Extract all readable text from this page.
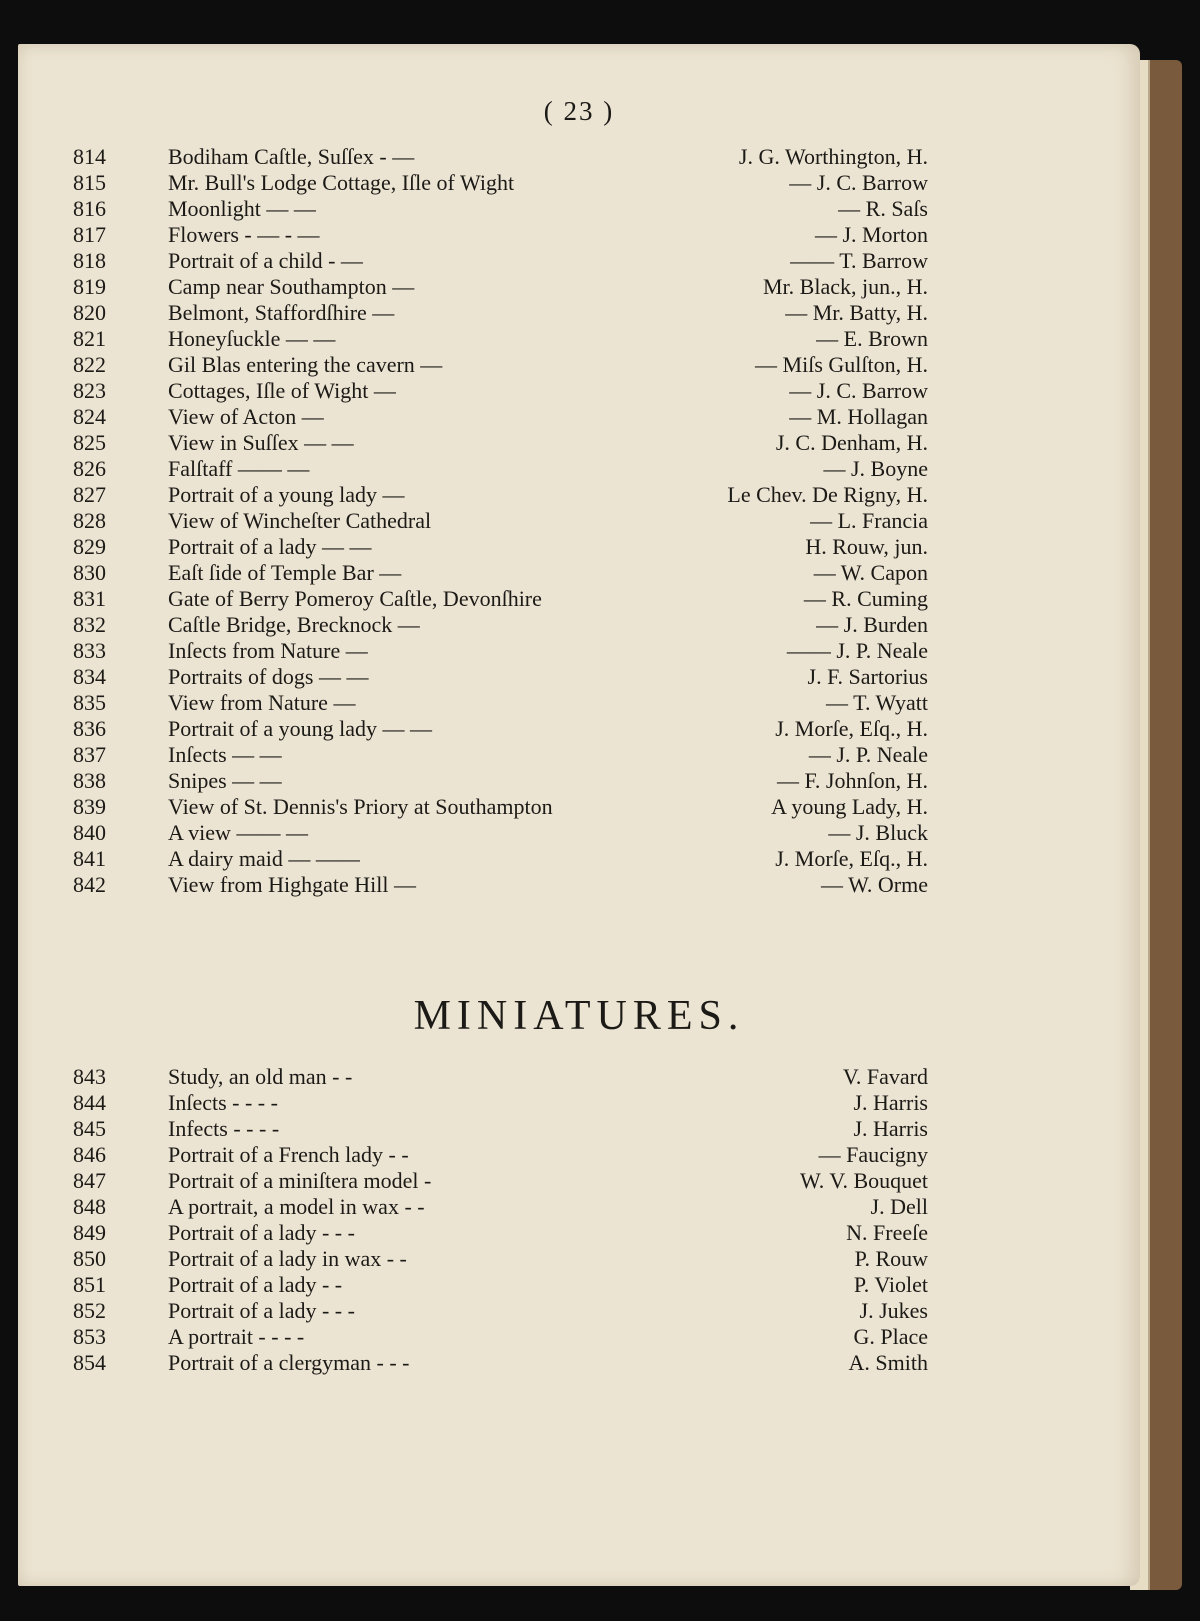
( 23 )
814	Bodiham Caſtle, Suſſex - —	J. G. Worthington, H.
815	Mr. Bull's Lodge Cottage, Iſle of Wight	— J. C. Barrow
816	Moonlight — —	— R. Saſs
817	Flowers - — - —	— J. Morton
818	Portrait of a child - —	—— T. Barrow
819	Camp near Southampton —	Mr. Black, jun., H.
820	Belmont, Staffordſhire —	— Mr. Batty, H.
821	Honeyſuckle — —	— E. Brown
822	Gil Blas entering the cavern —	— Miſs Gulſton, H.
823	Cottages, Iſle of Wight —	— J. C. Barrow
824	View of Acton —	— M. Hollagan
825	View in Suſſex — —	J. C. Denham, H.
826	Falſtaff —— —	— J. Boyne
827	Portrait of a young lady —	Le Chev. De Rigny, H.
828	View of Wincheſter Cathedral	— L. Francia
829	Portrait of a lady — —	H. Rouw, jun.
830	Eaſt ſide of Temple Bar —	— W. Capon
831	Gate of Berry Pomeroy Caſtle, Devonſhire	— R. Cuming
832	Caſtle Bridge, Brecknock —	— J. Burden
833	Inſects from Nature —	—— J. P. Neale
834	Portraits of dogs — —	J. F. Sartorius
835	View from Nature —	— T. Wyatt
836	Portrait of a young lady — —	J. Morſe, Eſq., H.
837	Inſects — —	— J. P. Neale
838	Snipes — —	— F. Johnſon, H.
839	View of St. Dennis's Priory at Southampton	A young Lady, H.
840	A view —— —	— J. Bluck
841	A dairy maid — ——	J. Morſe, Eſq., H.
842	View from Highgate Hill —	— W. Orme
MINIATURES.
843	Study, an old man - -	V. Favard
844	Inſects - - - -	J. Harris
845	Infects - - - -	J. Harris
846	Portrait of a French lady - -	— Faucigny
847	Portrait of a miniſtera model -	W. V. Bouquet
848	A portrait, a model in wax - -	J. Dell
849	Portrait of a lady - - -	N. Freeſe
850	Portrait of a lady in wax - -	P. Rouw
851	Portrait of a lady - -	P. Violet
852	Portrait of a lady - - -	J. Jukes
853	A portrait - - - -	G. Place
854	Portrait of a clergyman - - -	A. Smith
